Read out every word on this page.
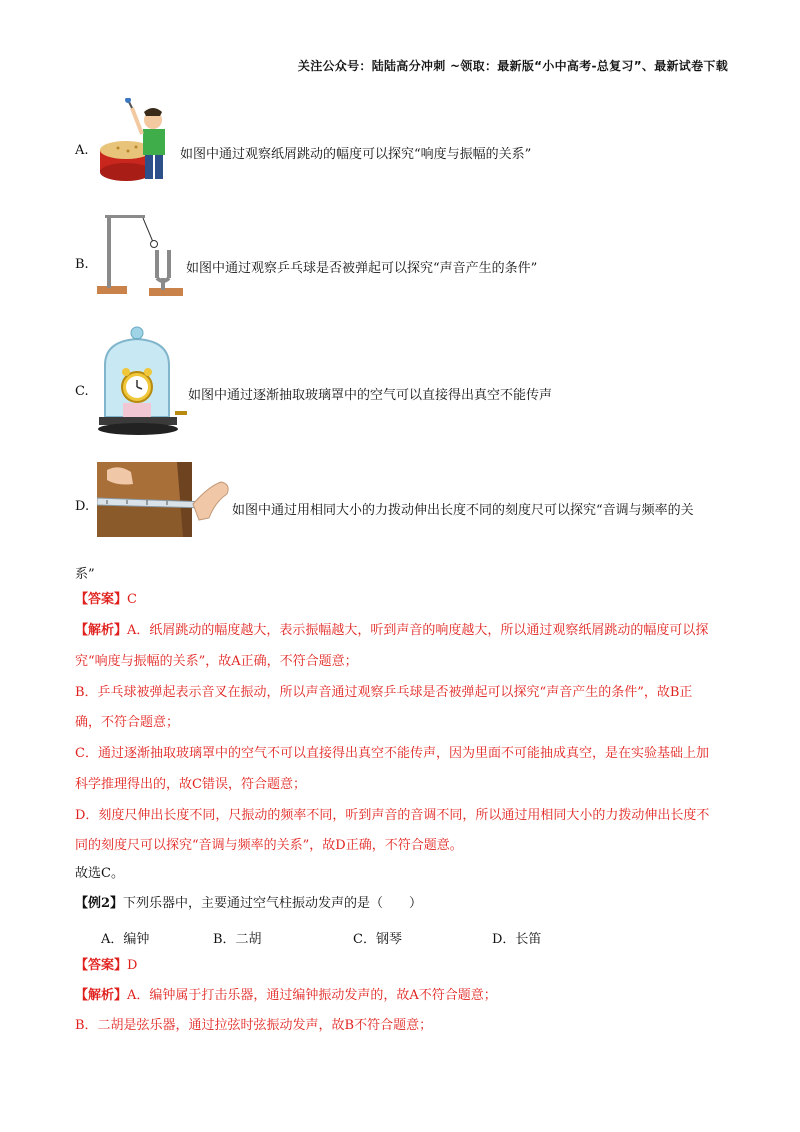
关注公众号：陆陆高分冲刺 ~领取：最新版“小中高考-总复习”、最新试卷下载
A.	如图中通过观察纸屑跳动的幅度可以探究“响度与振幅的关系”
B.	如图中通过观察乒乓球是否被弹起可以探究“声音产生的条件”
C.	如图中通过逐渐抽取玻璃罩中的空气可以直接得出真空不能传声
D.	如图中通过用相同大小的力拨动伸出长度不同的刻度尺可以探究“音调与频率的关
系”
【答案】C
【解析】A．纸屑跳动的幅度越大，表示振幅越大，听到声音的响度越大，所以通过观察纸屑跳动的幅度可以探
究“响度与振幅的关系”，故A正确，不符合题意；
B．乒乓球被弹起表示音叉在振动，所以声音通过观察乒乓球是否被弹起可以探究“声音产生的条件”，故B正
确，不符合题意；
C．通过逐渐抽取玻璃罩中的空气不可以直接得出真空不能传声，因为里面不可能抽成真空，是在实验基础上加
科学推理得出的，故C错误，符合题意；
D．刻度尺伸出长度不同，尺振动的频率不同，听到声音的音调不同，所以通过用相同大小的力拨动伸出长度不
同的刻度尺可以探究“音调与频率的关系”，故D正确，不符合题意。
故选C。
【例2】下列乐器中，主要通过空气柱振动发声的是（　　）
A．编钟	B．二胡	C．钢琴	D．长笛
【答案】D
【解析】A．编钟属于打击乐器，通过编钟振动发声的，故A不符合题意；
B．二胡是弦乐器，通过拉弦时弦振动发声，故B不符合题意；
